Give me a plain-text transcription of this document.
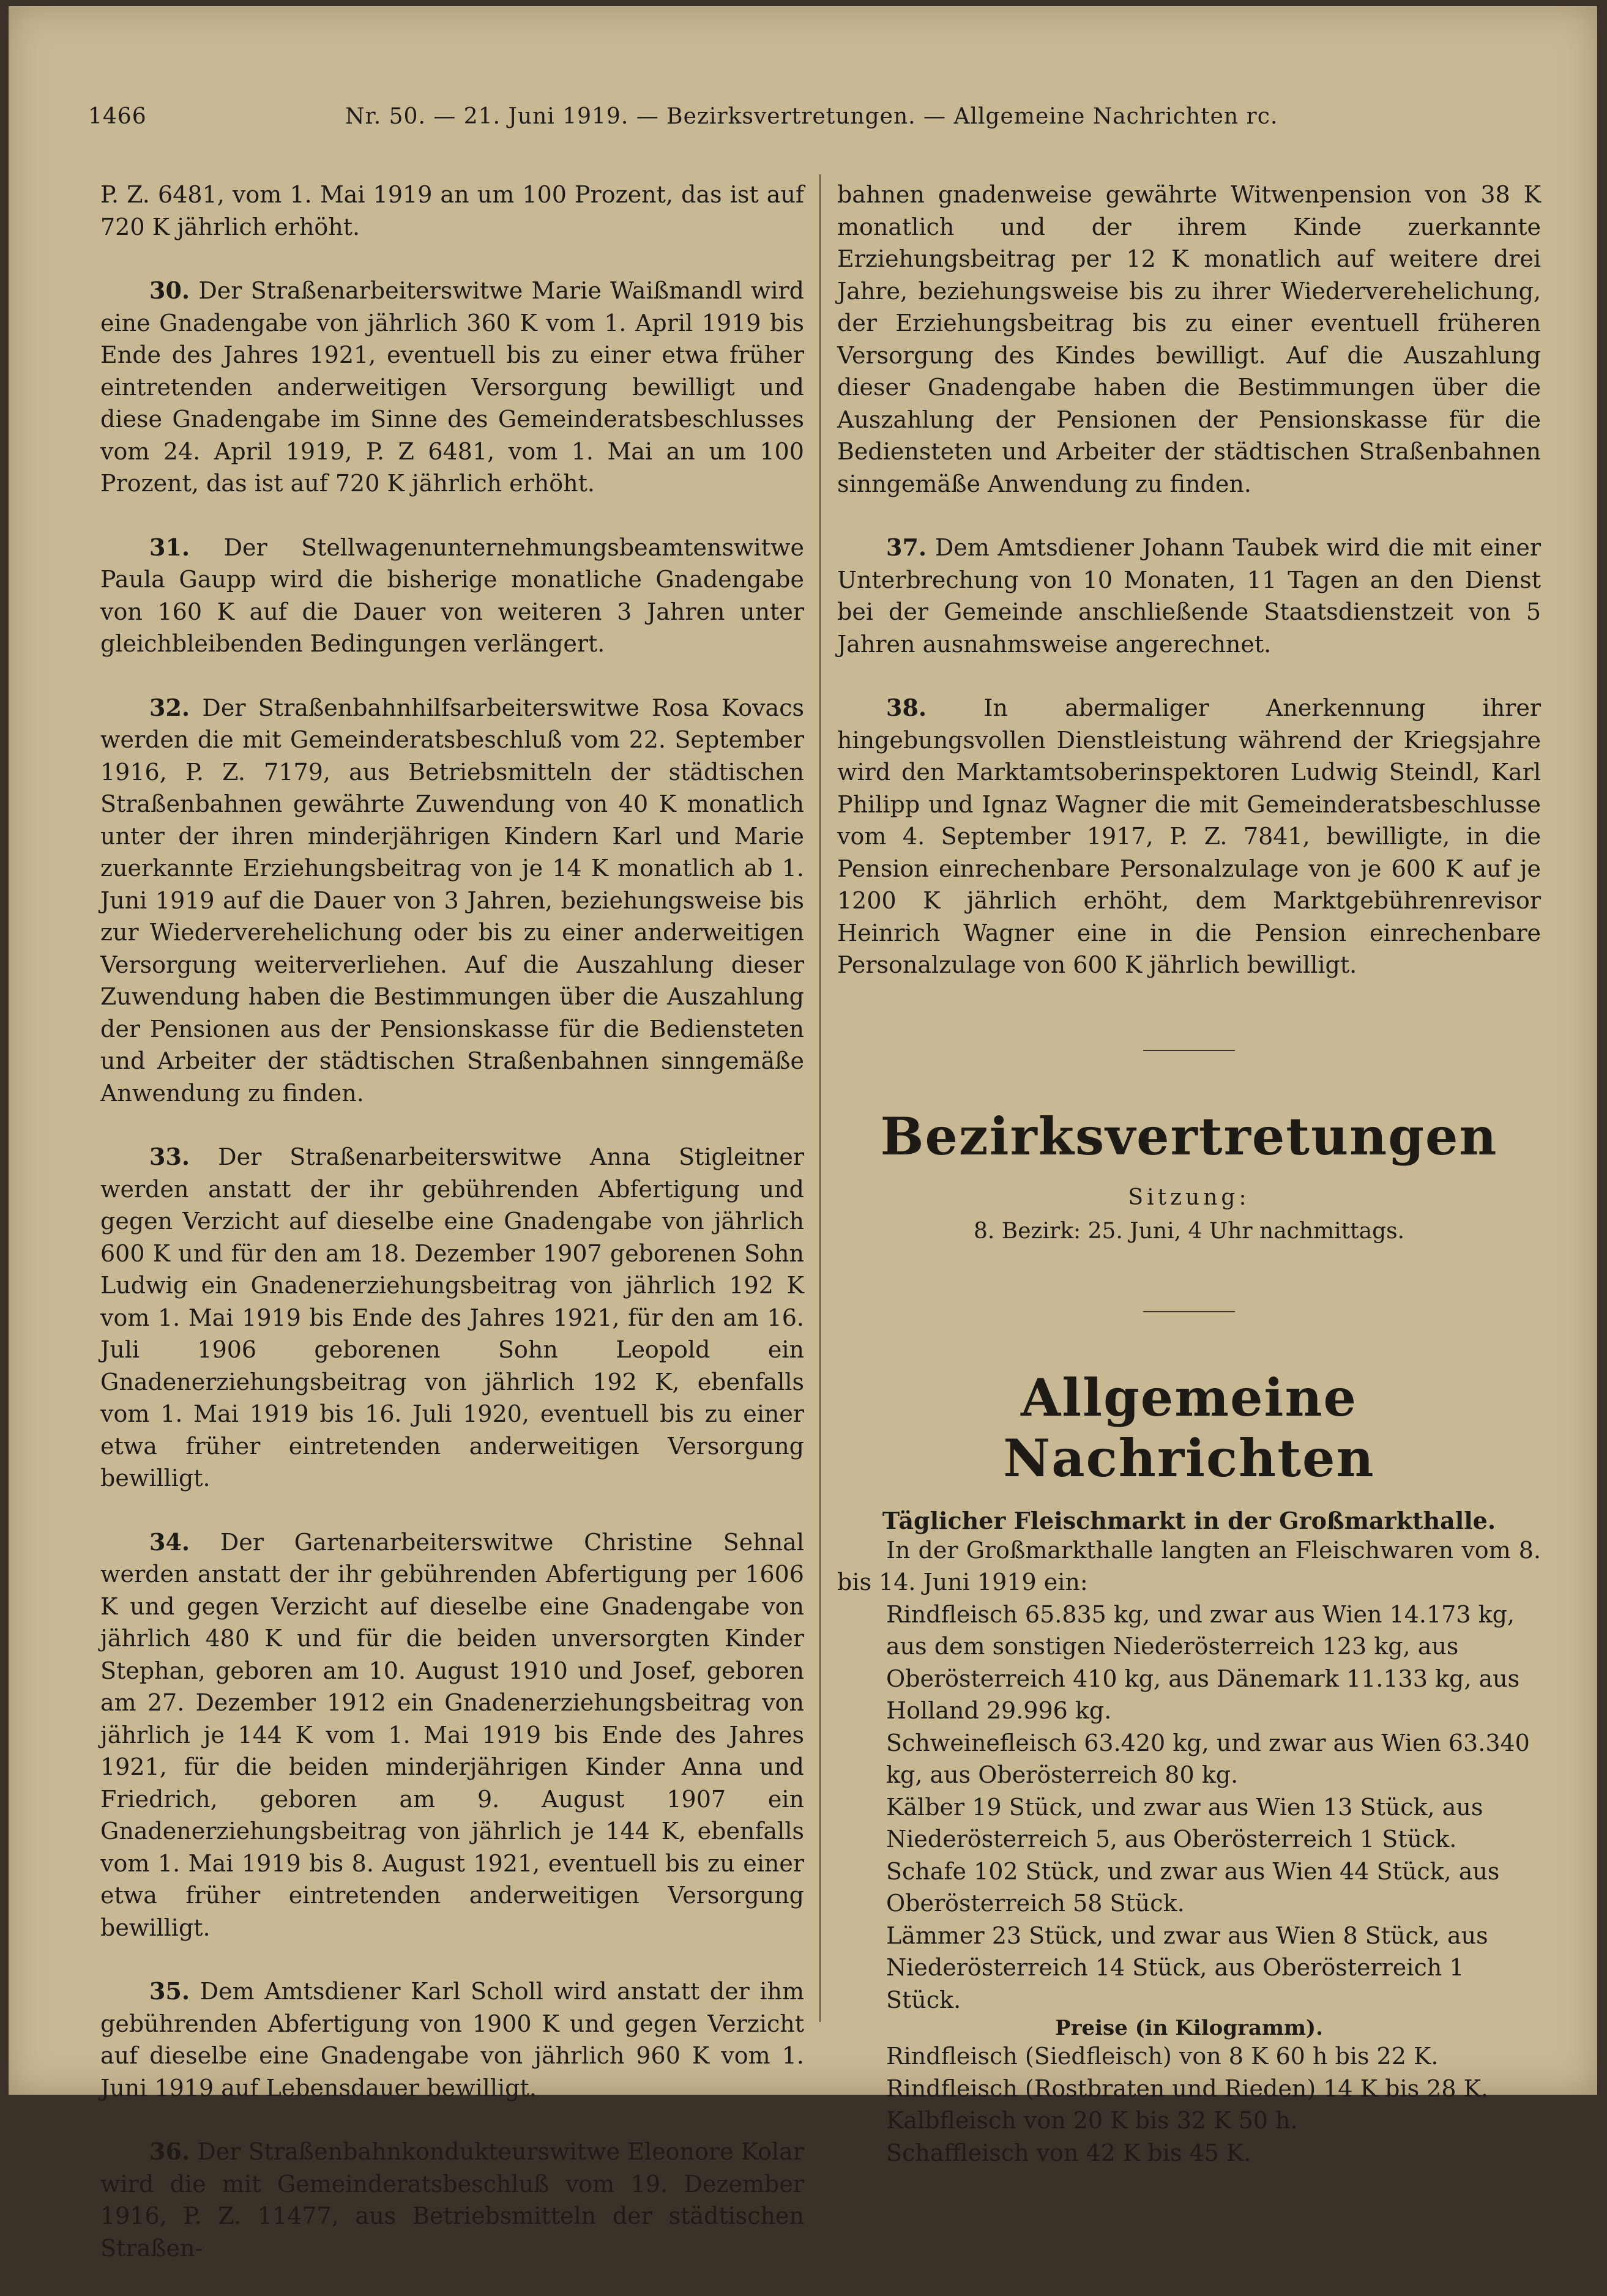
1466	Nr. 50. — 21. Juni 1919. — Bezirksvertretungen. — Allgemeine Nachrichten rc.

P. Z. 6481, vom 1. Mai 1919 an um 100 Prozent, das ist auf 720 K jährlich erhöht.

30. Der Straßenarbeiterswitwe Marie Waißmandl wird eine Gnadengabe von jährlich 360 K vom 1. April 1919 bis Ende des Jahres 1921, eventuell bis zu einer etwa früher eintretenden anderweitigen Versorgung bewilligt und diese Gnadengabe im Sinne des Gemeinderatsbeschlusses vom 24. April 1919, P. Z 6481, vom 1. Mai an um 100 Prozent, das ist auf 720 K jährlich erhöht.

31. Der Stellwagenunternehmungsbeamtenswitwe Paula Gaupp wird die bisherige monatliche Gnadengabe von 160 K auf die Dauer von weiteren 3 Jahren unter gleichbleibenden Bedingungen verlängert.

32. Der Straßenbahnhilfsarbeiterswitwe Rosa Kovacs werden die mit Gemeinderatsbeschluß vom 22. September 1916, P. Z. 7179, aus Betriebsmitteln der städtischen Straßenbahnen gewährte Zuwendung von 40 K monatlich unter der ihren minderjährigen Kindern Karl und Marie zuerkannte Erziehungsbeitrag von je 14 K monatlich ab 1. Juni 1919 auf die Dauer von 3 Jahren, beziehungsweise bis zur Wiederverehelichung oder bis zu einer anderweitigen Versorgung weiterverliehen. Auf die Auszahlung dieser Zuwendung haben die Bestimmungen über die Auszahlung der Pensionen aus der Pensionskasse für die Bediensteten und Arbeiter der städtischen Straßenbahnen sinngemäße Anwendung zu finden.

33. Der Straßenarbeiterswitwe Anna Stigleitner werden anstatt der ihr gebührenden Abfertigung und gegen Verzicht auf dieselbe eine Gnadengabe von jährlich 600 K und für den am 18. Dezember 1907 geborenen Sohn Ludwig ein Gnadenerziehungsbeitrag von jährlich 192 K vom 1. Mai 1919 bis Ende des Jahres 1921, für den am 16. Juli 1906 geborenen Sohn Leopold ein Gnadenerziehungsbeitrag von jährlich 192 K, ebenfalls vom 1. Mai 1919 bis 16. Juli 1920, eventuell bis zu einer etwa früher eintretenden anderweitigen Versorgung bewilligt.

34. Der Gartenarbeiterswitwe Christine Sehnal werden anstatt der ihr gebührenden Abfertigung per 1606 K und gegen Verzicht auf dieselbe eine Gnadengabe von jährlich 480 K und für die beiden unversorgten Kinder Stephan, geboren am 10. August 1910 und Josef, geboren am 27. Dezember 1912 ein Gnadenerziehungsbeitrag von jährlich je 144 K vom 1. Mai 1919 bis Ende des Jahres 1921, für die beiden minderjährigen Kinder Anna und Friedrich, geboren am 9. August 1907 ein Gnadenerziehungsbeitrag von jährlich je 144 K, ebenfalls vom 1. Mai 1919 bis 8. August 1921, eventuell bis zu einer etwa früher eintretenden anderweitigen Versorgung bewilligt.

35. Dem Amtsdiener Karl Scholl wird anstatt der ihm gebührenden Abfertigung von 1900 K und gegen Verzicht auf dieselbe eine Gnadengabe von jährlich 960 K vom 1. Juni 1919 auf Lebensdauer bewilligt.

36. Der Straßenbahnkondukteurswitwe Eleonore Kolar wird die mit Gemeinderatsbeschluß vom 19. Dezember 1916, P. Z. 11477, aus Betriebsmitteln der städtischen Straßen-

bahnen gnadenweise gewährte Witwenpension von 38 K monatlich und der ihrem Kinde zuerkannte Erziehungsbeitrag per 12 K monatlich auf weitere drei Jahre, beziehungsweise bis zu ihrer Wiederverehelichung, der Erziehungsbeitrag bis zu einer eventuell früheren Versorgung des Kindes bewilligt. Auf die Auszahlung dieser Gnadengabe haben die Bestimmungen über die Auszahlung der Pensionen der Pensionskasse für die Bediensteten und Arbeiter der städtischen Straßenbahnen sinngemäße Anwendung zu finden.

37. Dem Amtsdiener Johann Taubek wird die mit einer Unterbrechung von 10 Monaten, 11 Tagen an den Dienst bei der Gemeinde anschließende Staatsdienstzeit von 5 Jahren ausnahmsweise angerechnet.

38. In abermaliger Anerkennung ihrer hingebungsvollen Dienstleistung während der Kriegsjahre wird den Marktamtsoberinspektoren Ludwig Steindl, Karl Philipp und Ignaz Wagner die mit Gemeinderatsbeschlusse vom 4. September 1917, P. Z. 7841, bewilligte, in die Pension einrechenbare Personalzulage von je 600 K auf je 1200 K jährlich erhöht, dem Marktgebührenrevisor Heinrich Wagner eine in die Pension einrechenbare Personalzulage von 600 K jährlich bewilligt.

Bezirksvertretungen
Sitzung:
8. Bezirk: 25. Juni, 4 Uhr nachmittags.
Allgemeine Nachrichten
Täglicher Fleischmarkt in der Großmarkthalle.
In der Großmarkthalle langten an Fleischwaren vom 8. bis 14. Juni 1919 ein:
Rindfleisch 65.835 kg, und zwar aus Wien 14.173 kg, aus dem sonstigen Niederösterreich 123 kg, aus Oberösterreich 410 kg, aus Dänemark 11.133 kg, aus Holland 29.996 kg.
Schweinefleisch 63.420 kg, und zwar aus Wien 63.340 kg, aus Oberösterreich 80 kg.
Kälber 19 Stück, und zwar aus Wien 13 Stück, aus Niederösterreich 5, aus Oberösterreich 1 Stück.
Schafe 102 Stück, und zwar aus Wien 44 Stück, aus Oberösterreich 58 Stück.
Lämmer 23 Stück, und zwar aus Wien 8 Stück, aus Niederösterreich 14 Stück, aus Oberösterreich 1 Stück.
Preise (in Kilogramm).
Rindfleisch (Siedfleisch) von 8 K 60 h bis 22 K.
Rindfleisch (Rostbraten und Rieden) 14 K bis 28 K.
Kalbfleisch von 20 K bis 32 K 50 h.
Schaffleisch von 42 K bis 45 K.
